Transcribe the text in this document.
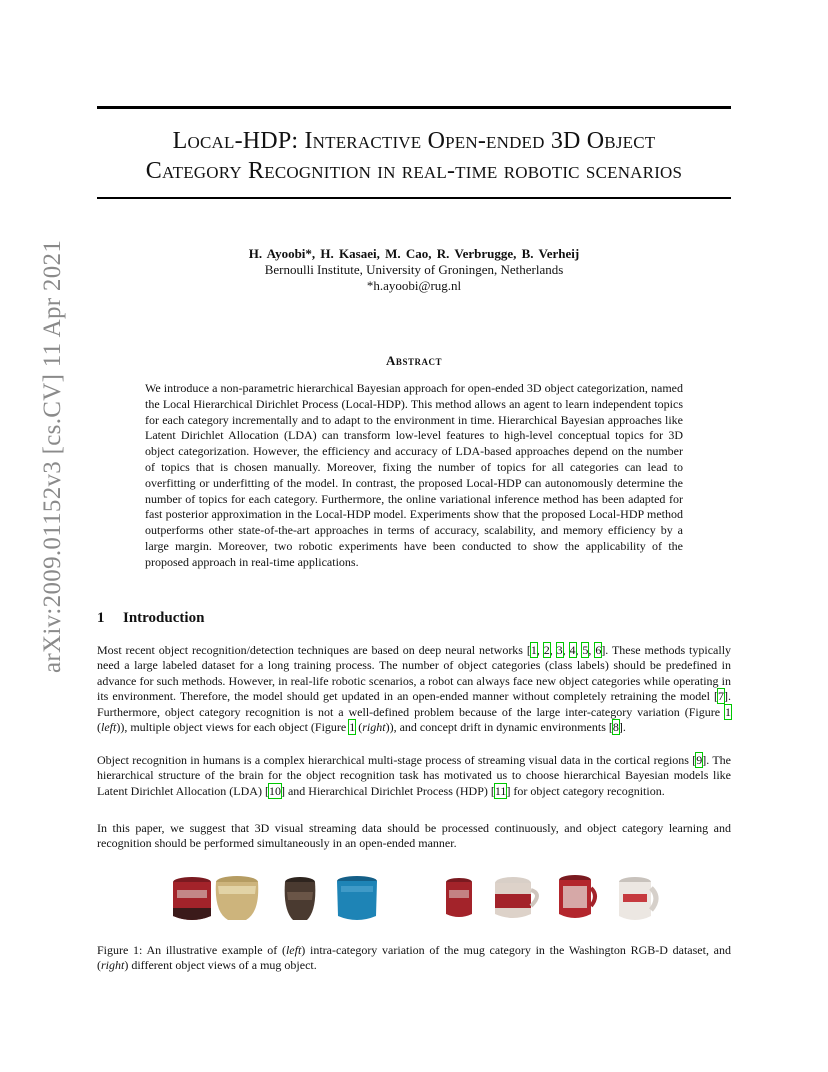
Local-HDP: Interactive Open-ended 3D Object
Category Recognition in real-time robotic scenarios
arXiv:2009.01152v3 [cs.CV] 11 Apr 2021	H. Ayoobi*, H. Kasaei, M. Cao, R. Verbrugge, B. Verheij
Bernoulli Institute, University of Groningen, Netherlands
*h.ayoobi@rug.nl
Abstract
We introduce a non-parametric hierarchical Bayesian approach for open-ended 3D object categorization, named the Local Hierarchical Dirichlet Process (Local-HDP). This method allows an agent to learn independent topics for each category incrementally and to adapt to the environment in time. Hierarchical Bayesian approaches like Latent Dirichlet Allocation (LDA) can transform low-level features to high-level conceptual topics for 3D object categorization. However, the efficiency and accuracy of LDA-based approaches depend on the number of topics that is chosen manually. Moreover, fixing the number of topics for all categories can lead to overfitting or underfitting of the model. In contrast, the proposed Local-HDP can autonomously determine the number of topics for each category. Furthermore, the online variational inference method has been adapted for fast posterior approximation in the Local-HDP model. Experiments show that the proposed Local-HDP method outperforms other state-of-the-art approaches in terms of accuracy, scalability, and memory efficiency by a large margin. Moreover, two robotic experiments have been conducted to show the applicability of the proposed approach in real-time applications.
1 Introduction
Most recent object recognition/detection techniques are based on deep neural networks [1, 2, 3, 4, 5, 6]. These methods typically need a large labeled dataset for a long training process. The number of object categories (class labels) should be predefined in advance for such methods. However, in real-life robotic scenarios, a robot can always face new object categories while operating in its environment. Therefore, the model should get updated in an open-ended manner without completely retraining the model [7]. Furthermore, object category recognition is not a well-defined problem because of the large inter-category variation (Figure 1 (left)), multiple object views for each object (Figure 1 (right)), and concept drift in dynamic environments [8].
Object recognition in humans is a complex hierarchical multi-stage process of streaming visual data in the cortical regions [9]. The hierarchical structure of the brain for the object recognition task has motivated us to choose hierarchical Bayesian models like Latent Dirichlet Allocation (LDA) [10] and Hierarchical Dirichlet Process (HDP) [11] for object category recognition.
In this paper, we suggest that 3D visual streaming data should be processed continuously, and object category learning and recognition should be performed simultaneously in an open-ended manner.
Figure 1: An illustrative example of (left) intra-category variation of the mug category in the Washington RGB-D dataset, and (right) different object views of a mug object.
